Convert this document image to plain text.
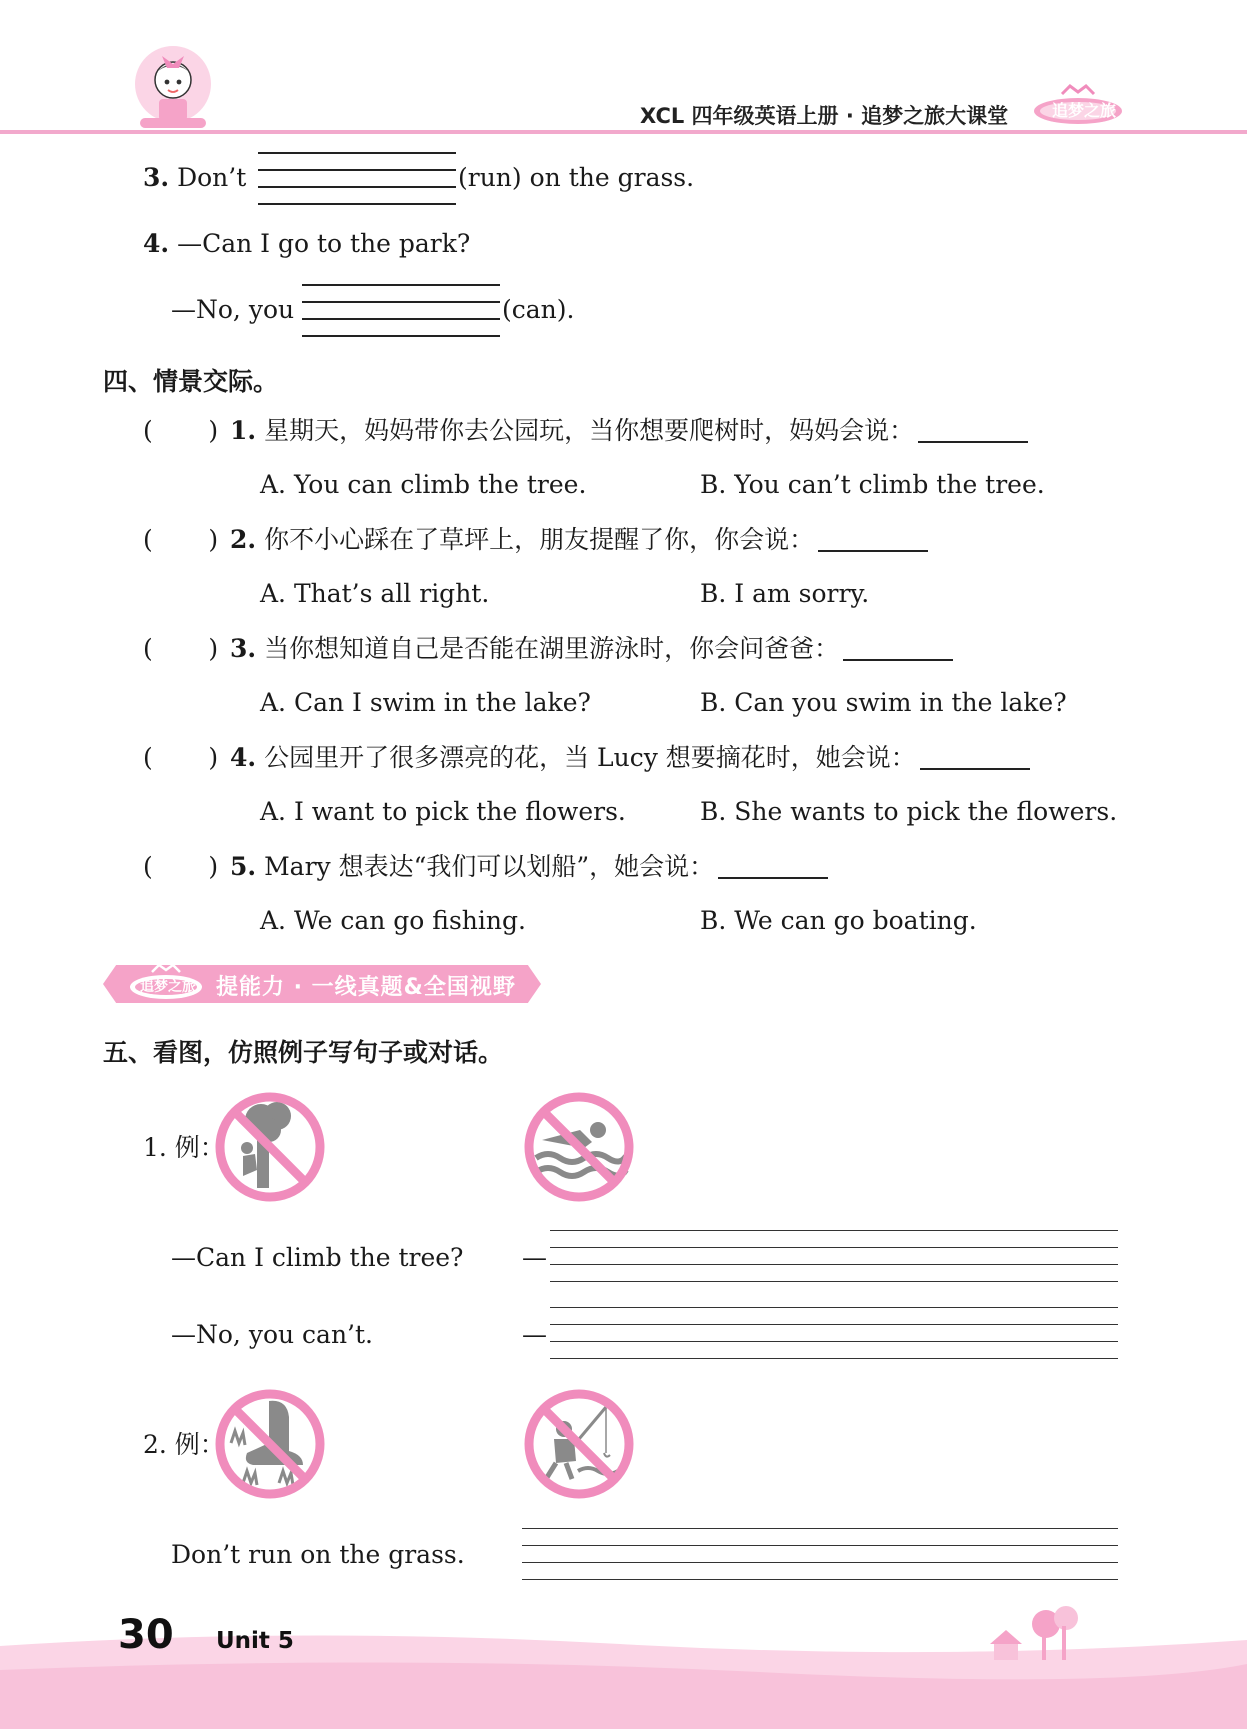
XCL 四年级英语上册 · 追梦之旅大课堂	追梦之旅
3. Don’t	(run) on the grass.
4. —Can I go to the park?
—No, you	(can).
四、情景交际。
(       ) 1. 星期天，妈妈带你去公园玩，当你想要爬树时，妈妈会说：
A. You can climb the tree.	B. You can’t climb the tree.
(       ) 2. 你不小心踩在了草坪上，朋友提醒了你，你会说：
A. That’s all right.	B. I am sorry.
(       ) 3. 当你想知道自己是否能在湖里游泳时，你会问爸爸：
A. Can I swim in the lake?	B. Can you swim in the lake?
(       ) 4. 公园里开了很多漂亮的花，当 Lucy 想要摘花时，她会说：
A. I want to pick the flowers.	B. She wants to pick the flowers.
(       ) 5. Mary 想表达“我们可以划船”，她会说：
A. We can go fishing.	B. We can go boating.
追梦之旅 提能力 · 一线真题&全国视野
五、看图，仿照例子写句子或对话。
1. 例：
—Can I climb the tree? —
—No, you can’t.	—
2. 例：
Don’t run on the grass.
30 Unit 5
